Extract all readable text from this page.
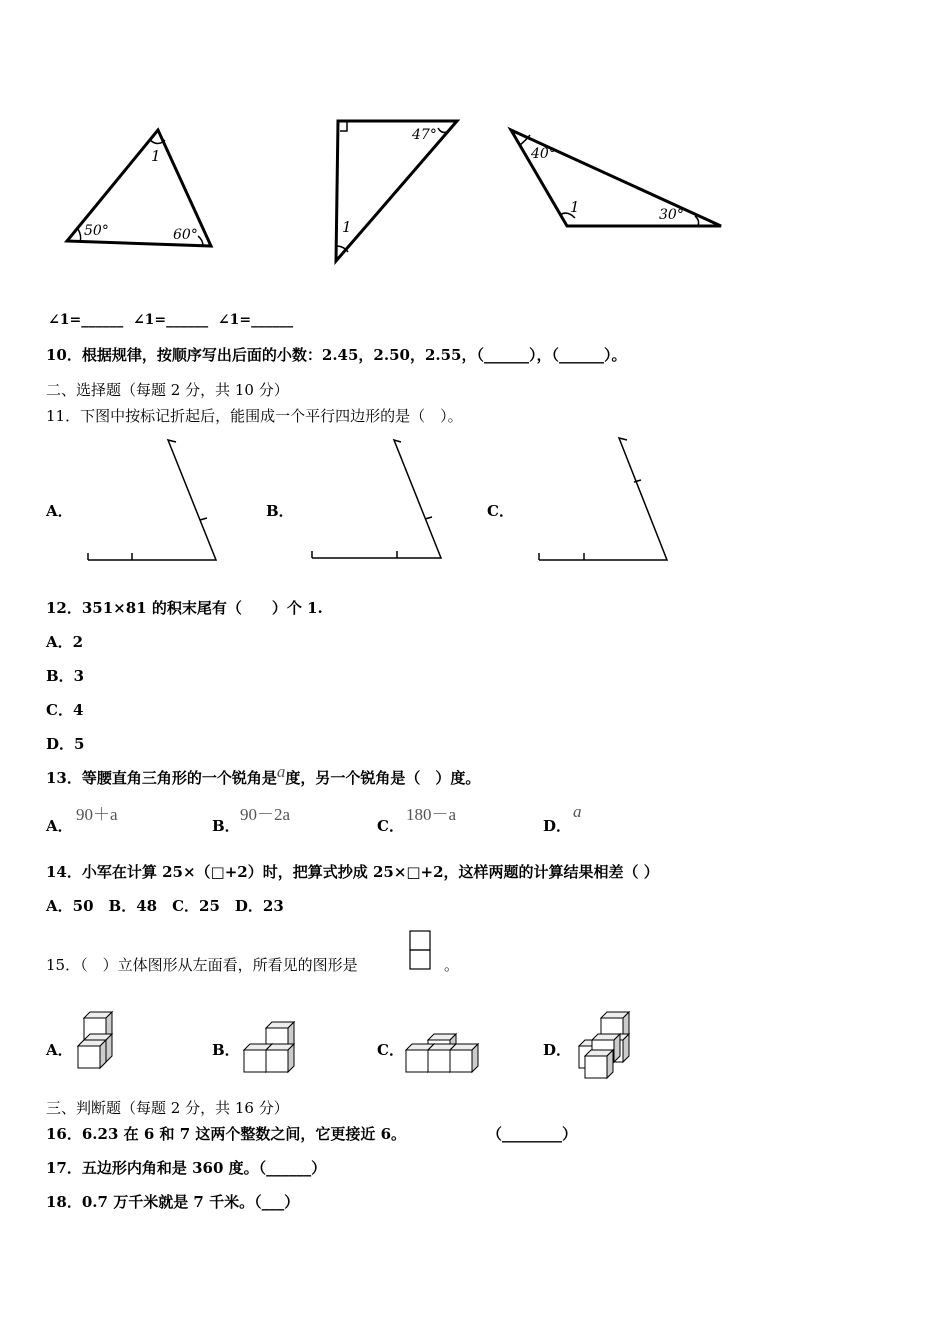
1
50°	60°
47°
1
40°
1	30°
∠1=______ ∠1=______ ∠1=______
10．根据规律，按顺序写出后面的小数：2.45，2.50，2.55，（______），（______）。
二、选择题（每题 2 分，共 10 分）
11．下图中按标记折起后，能围成一个平行四边形的是（　）。
A．	B．	C．
12．351×81 的积末尾有（　　）个 1.
A．2
B．3
C．4
D．5
13．等腰直角三角形的一个锐角是a度，另一个锐角是（　）度。
A．
90＋a
B．
90－2a
C．
180－a
D．
a
14．小军在计算 25×（□+2）时，把算式抄成 25×□+2，这样两题的计算结果相差（ ）
A．50　B．48　C．25　D．23
15．（　）立体图形从左面看，所看见的图形是	。
A．	B．	C．	D．
三、判断题（每题 2 分，共 16 分）
16．6.23 在 6 和 7 这两个整数之间，它更接近 6。	（________）
17．五边形内角和是 360 度。（______）
18．0.7 万千米就是 7 千米。（___）
